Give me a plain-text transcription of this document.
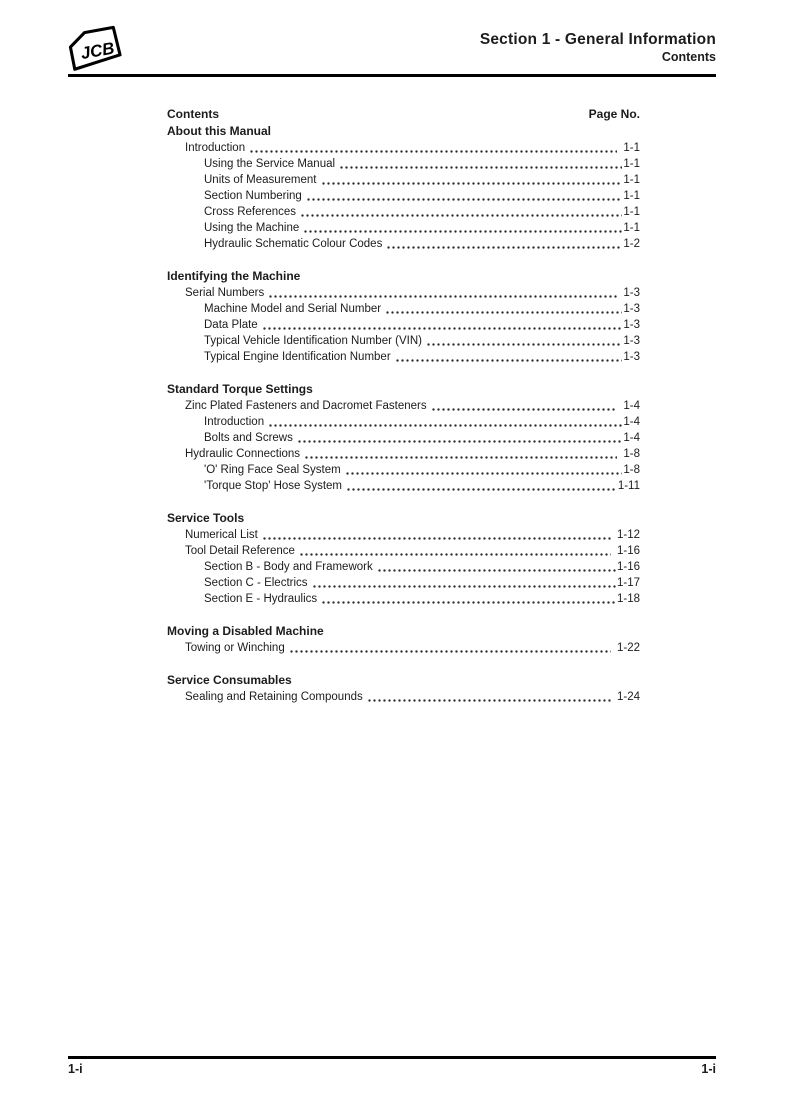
JCB	Section 1 - General Information
Contents
Contents	Page No.
About this Manual
Introduction	1-1
Using the Service Manual	1-1
Units of Measurement	1-1
Section Numbering	1-1
Cross References	1-1
Using the Machine	1-1
Hydraulic Schematic Colour Codes	1-2
Identifying the Machine
Serial Numbers	1-3
Machine Model and Serial Number	1-3
Data Plate	1-3
Typical Vehicle Identification Number (VIN)	1-3
Typical Engine Identification Number	1-3
Standard Torque Settings
Zinc Plated Fasteners and Dacromet Fasteners	1-4
Introduction	1-4
Bolts and Screws	1-4
Hydraulic Connections	1-8
'O' Ring Face Seal System	1-8
'Torque Stop' Hose System	1-11
Service Tools
Numerical List	1-12
Tool Detail Reference	1-16
Section B - Body and Framework	1-16
Section C - Electrics	1-17
Section E - Hydraulics	1-18
Moving a Disabled Machine
Towing or Winching	1-22
Service Consumables
Sealing and Retaining Compounds	1-24
1-i	1-i
